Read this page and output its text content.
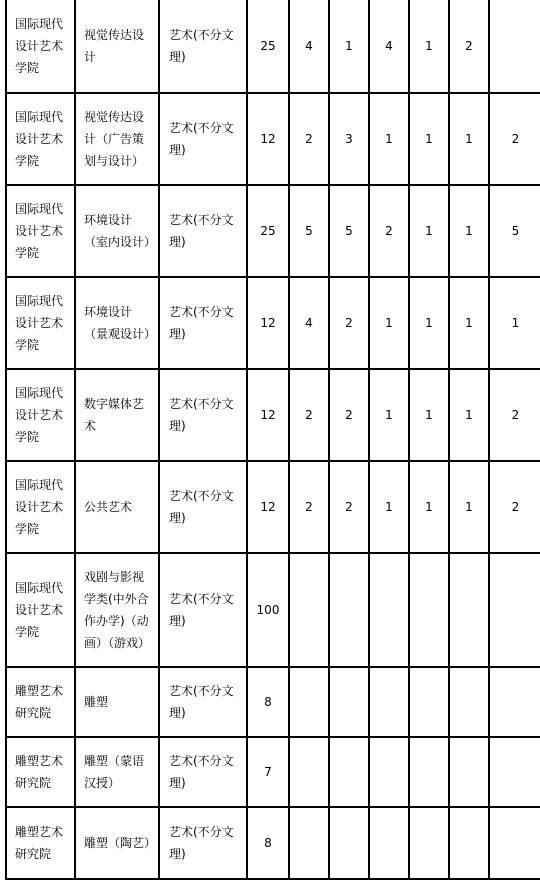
国际现代设计艺术学院	视觉传达设计	艺术(不分文理)	25	4	1	4	1	2	
国际现代设计艺术学院	视觉传达设计（广告策划与设计）	艺术(不分文理)	12	2	3	1	1	1	2
国际现代设计艺术学院	环境设计（室内设计）	艺术(不分文理)	25	5	5	2	1	1	5
国际现代设计艺术学院	环境设计（景观设计）	艺术(不分文理)	12	4	2	1	1	1	1
国际现代设计艺术学院	数字媒体艺术	艺术(不分文理)	12	2	2	1	1	1	2
国际现代设计艺术学院	公共艺术	艺术(不分文理)	12	2	2	1	1	1	2
国际现代设计艺术学院	戏剧与影视学类(中外合作办学)（动画）（游戏）	艺术(不分文理)	100						
雕塑艺术研究院	雕塑	艺术(不分文理)	8						
雕塑艺术研究院	雕塑（蒙语汉授）	艺术(不分文理)	7						
雕塑艺术研究院	雕塑（陶艺）	艺术(不分文理)	8						
